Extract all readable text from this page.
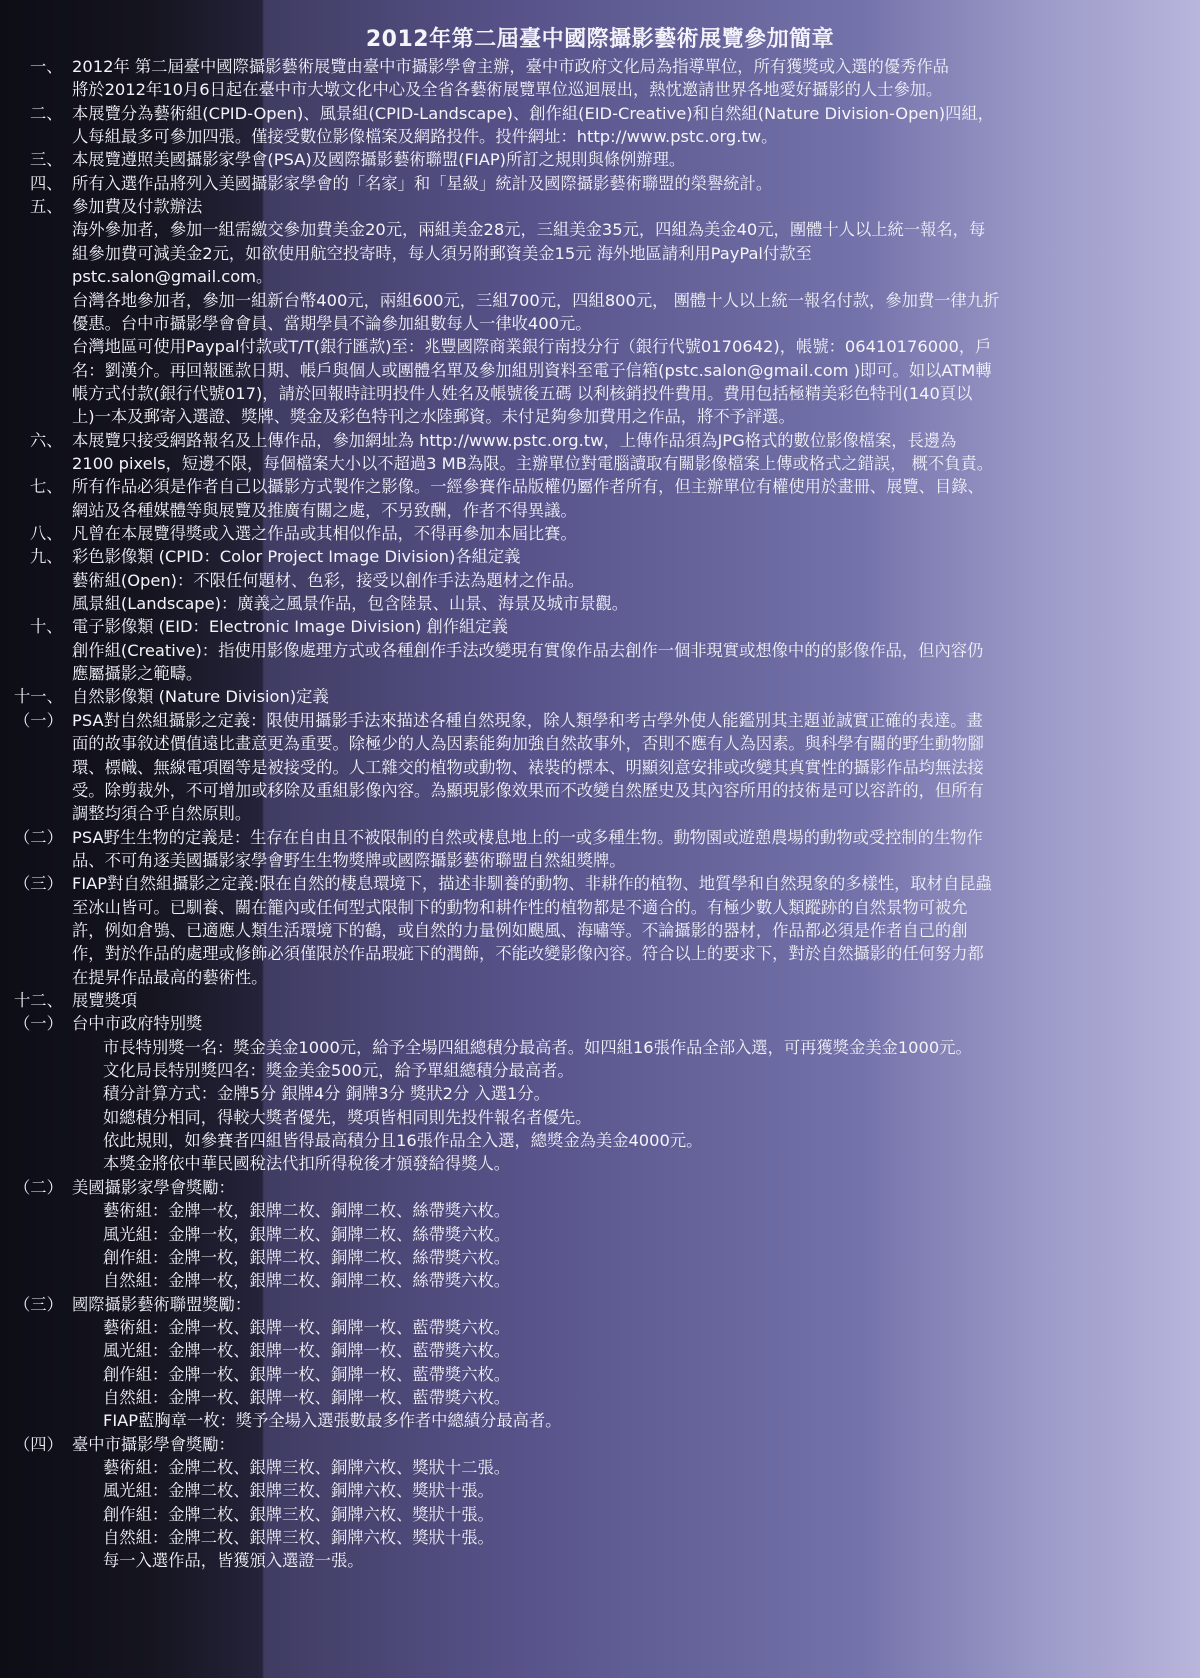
2012年第二屆臺中國際攝影藝術展覽參加簡章
一、 2012年 第二屆臺中國際攝影藝術展覽由臺中市攝影學會主辦，臺中市政府文化局為指導單位，所有獲獎或入選的優秀作品
將於2012年10月6日起在臺中市大墩文化中心及全省各藝術展覽單位巡迴展出，熱忱邀請世界各地愛好攝影的人士參加。
二、 本展覽分為藝術組(CPID-Open)、風景組(CPID-Landscape)、創作組(EID-Creative)和自然組(Nature Division-Open)四組，
人每組最多可參加四張。僅接受數位影像檔案及網路投件。投件網址：http://www.pstc.org.tw。
三、 本展覽遵照美國攝影家學會(PSA)及國際攝影藝術聯盟(FIAP)所訂之規則與條例辦理。
四、 所有入選作品將列入美國攝影家學會的「名家」和「星級」統計及國際攝影藝術聯盟的榮譽統計。
五、 參加費及付款辦法
海外參加者，參加一組需繳交參加費美金20元，兩組美金28元，三組美金35元，四組為美金40元，團體十人以上統一報名，每
組參加費可減美金2元，如欲使用航空投寄時，每人須另附郵資美金15元 海外地區請利用PayPal付款至
pstc.salon@gmail.com。
台灣各地參加者，參加一組新台幣400元，兩組600元，三組700元，四組800元， 團體十人以上統一報名付款，參加費一律九折
優惠。台中市攝影學會會員、當期學員不論參加組數每人一律收400元。
台灣地區可使用Paypal付款或T/T(銀行匯款)至：兆豐國際商業銀行南投分行（銀行代號0170642)，帳號：06410176000，戶
名：劉漢介。再回報匯款日期、帳戶與個人或團體名單及參加組別資料至電子信箱(pstc.salon@gmail.com )即可。如以ATM轉
帳方式付款(銀行代號017)，請於回報時註明投件人姓名及帳號後五碼 以利核銷投件費用。費用包括極精美彩色特刊(140頁以
上)一本及郵寄入選證、獎牌、獎金及彩色特刊之水陸郵資。未付足夠參加費用之作品，將不予評選。
六、 本展覽只接受網路報名及上傳作品，參加網址為 http://www.pstc.org.tw，上傳作品須為JPG格式的數位影像檔案，長邊為
2100 pixels，短邊不限，每個檔案大小以不超過3 MB為限。主辦單位對電腦讀取有關影像檔案上傳或格式之錯誤， 概不負責。
七、 所有作品必須是作者自己以攝影方式製作之影像。一經參賽作品版權仍屬作者所有，但主辦單位有權使用於畫冊、展覽、目錄、
網站及各種媒體等與展覽及推廣有關之處，不另致酬，作者不得異議。
八、 凡曾在本展覽得獎或入選之作品或其相似作品，不得再參加本屆比賽。
九、 彩色影像類 (CPID：Color Project Image Division)各組定義
藝術組(Open)：不限任何題材、色彩，接受以創作手法為題材之作品。
風景組(Landscape)：廣義之風景作品，包含陸景、山景、海景及城市景觀。
十、 電子影像類 (EID：Electronic Image Division) 創作組定義
創作組(Creative)：指使用影像處理方式或各種創作手法改變現有實像作品去創作一個非現實或想像中的的影像作品，但內容仍
應屬攝影之範疇。
十一、 自然影像類 (Nature Division)定義
（一） PSA對自然組攝影之定義：限使用攝影手法來描述各種自然現象，除人類學和考古學外使人能鑑別其主題並誠實正確的表達。畫
面的故事敘述價值遠比畫意更為重要。除極少的人為因素能夠加強自然故事外，否則不應有人為因素。與科學有關的野生動物腳
環、標幟、無線電項圈等是被接受的。人工雜交的植物或動物、裱裝的標本、明顯刻意安排或改變其真實性的攝影作品均無法接
受。除剪裁外，不可增加或移除及重組影像內容。為顯現影像效果而不改變自然歷史及其內容所用的技術是可以容許的，但所有
調整均須合乎自然原則。
（二） PSA野生生物的定義是：生存在自由且不被限制的自然或棲息地上的一或多種生物。動物園或遊憩農場的動物或受控制的生物作
品、不可角逐美國攝影家學會野生生物獎牌或國際攝影藝術聯盟自然組獎牌。
（三） FIAP對自然組攝影之定義:限在自然的棲息環境下，描述非馴養的動物、非耕作的植物、地質學和自然現象的多樣性，取材自昆蟲
至冰山皆可。已馴養、關在籠內或任何型式限制下的動物和耕作性的植物都是不適合的。有極少數人類蹤跡的自然景物可被允
許，例如倉鴞、已適應人類生活環境下的鶴，或自然的力量例如颶風、海嘯等。不論攝影的器材，作品都必須是作者自己的創
作，對於作品的處理或修飾必須僅限於作品瑕疵下的潤飾，不能改變影像內容。符合以上的要求下，對於自然攝影的任何努力都
在提昇作品最高的藝術性。
十二、 展覽獎項
（一） 台中市政府特別獎
市長特別獎一名：獎金美金1000元，給予全場四組總積分最高者。如四組16張作品全部入選，可再獲獎金美金1000元。
文化局長特別獎四名：獎金美金500元，給予單組總積分最高者。
積分計算方式：金牌5分 銀牌4分 銅牌3分 獎狀2分 入選1分。
如總積分相同，得較大獎者優先，獎項皆相同則先投件報名者優先。
依此規則，如參賽者四組皆得最高積分且16張作品全入選，總獎金為美金4000元。
本獎金將依中華民國稅法代扣所得稅後才頒發給得獎人。
（二） 美國攝影家學會獎勵：
藝術組：金牌一枚，銀牌二枚、銅牌二枚、絲帶獎六枚。
風光組：金牌一枚，銀牌二枚、銅牌二枚、絲帶獎六枚。
創作組：金牌一枚，銀牌二枚、銅牌二枚、絲帶獎六枚。
自然組：金牌一枚，銀牌二枚、銅牌二枚、絲帶獎六枚。
（三） 國際攝影藝術聯盟獎勵：
藝術組：金牌一枚、銀牌一枚、銅牌一枚、藍帶獎六枚。
風光組：金牌一枚、銀牌一枚、銅牌一枚、藍帶獎六枚。
創作組：金牌一枚、銀牌一枚、銅牌一枚、藍帶獎六枚。
自然組：金牌一枚、銀牌一枚、銅牌一枚、藍帶獎六枚。
FIAP藍胸章一枚：獎予全場入選張數最多作者中總績分最高者。
（四） 臺中市攝影學會獎勵：
藝術組：金牌二枚、銀牌三枚、銅牌六枚、獎狀十二張。
風光組：金牌二枚、銀牌三枚、銅牌六枚、獎狀十張。
創作組：金牌二枚、銀牌三枚、銅牌六枚、獎狀十張。
自然組：金牌二枚、銀牌三枚、銅牌六枚、獎狀十張。
每一入選作品，皆獲頒入選證一張。
